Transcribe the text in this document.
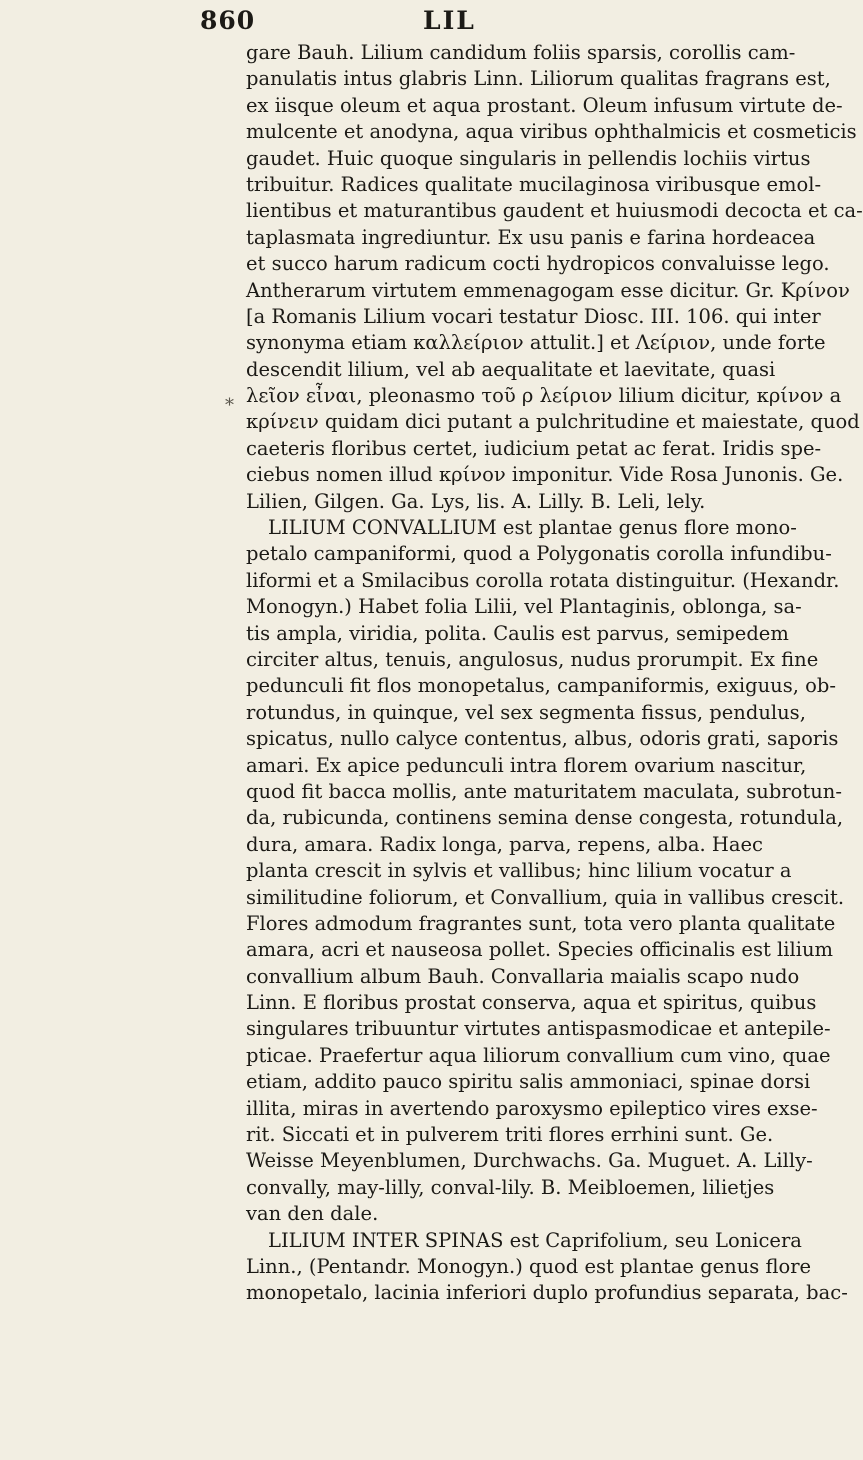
860	LIL
*
gare Bauh. Lilium candidum foliis sparsis, corollis cam-
panulatis intus glabris Linn. Liliorum qualitas fragrans est,
ex iisque oleum et aqua prostant. Oleum infusum virtute de-
mulcente et anodyna, aqua viribus ophthalmicis et cosmeticis
gaudet. Huic quoque singularis in pellendis lochiis virtus
tribuitur. Radices qualitate mucilaginosa viribusque emol-
lientibus et maturantibus gaudent et huiusmodi decocta et ca-
taplasmata ingrediuntur. Ex usu panis e farina hordeacea
et succo harum radicum cocti hydropicos convaluisse lego.
Antherarum virtutem emmenagogam esse dicitur. Gr. Κρίνον
[a Romanis Lilium vocari testatur Diosc. III. 106. qui inter
synonyma etiam καλλείριον attulit.] et Λείριον, unde forte
descendit lilium, vel ab aequalitate et laevitate, quasi
λεῖον εἶναι, pleonasmo τοῦ ρ λείριον lilium dicitur, κρίνον a
κρίνειν quidam dici putant a pulchritudine et maiestate, quod
caeteris floribus certet, iudicium petat ac ferat. Iridis spe-
ciebus nomen illud κρίνον imponitur. Vide Rosa Junonis. Ge.
Lilien, Gilgen. Ga. Lys, lis. A. Lilly. B. Leli, lely.
LILIUM CONVALLIUM est plantae genus flore mono-
petalo campaniformi, quod a Polygonatis corolla infundibu-
liformi et a Smilacibus corolla rotata distinguitur. (Hexandr.
Monogyn.) Habet folia Lilii, vel Plantaginis, oblonga, sa-
tis ampla, viridia, polita. Caulis est parvus, semipedem
circiter altus, tenuis, angulosus, nudus prorumpit. Ex fine
pedunculi fit flos monopetalus, campaniformis, exiguus, ob-
rotundus, in quinque, vel sex segmenta fissus, pendulus,
spicatus, nullo calyce contentus, albus, odoris grati, saporis
amari. Ex apice pedunculi intra florem ovarium nascitur,
quod fit bacca mollis, ante maturitatem maculata, subrotun-
da, rubicunda, continens semina dense congesta, rotundula,
dura, amara. Radix longa, parva, repens, alba. Haec
planta crescit in sylvis et vallibus; hinc lilium vocatur a
similitudine foliorum, et Convallium, quia in vallibus crescit.
Flores admodum fragrantes sunt, tota vero planta qualitate
amara, acri et nauseosa pollet. Species officinalis est lilium
convallium album Bauh. Convallaria maialis scapo nudo
Linn. E floribus prostat conserva, aqua et spiritus, quibus
singulares tribuuntur virtutes antispasmodicae et antepile-
pticae. Praefertur aqua liliorum convallium cum vino, quae
etiam, addito pauco spiritu salis ammoniaci, spinae dorsi
illita, miras in avertendo paroxysmo epileptico vires exse-
rit. Siccati et in pulverem triti flores errhini sunt. Ge.
Weisse Meyenblumen, Durchwachs. Ga. Muguet. A. Lilly-
convally, may-lilly, conval-lily. B. Meibloemen, lilietjes
van den dale.
LILIUM INTER SPINAS est Caprifolium, seu Lonicera
Linn., (Pentandr. Monogyn.) quod est plantae genus flore
monopetalo, lacinia inferiori duplo profundius separata, bac-
